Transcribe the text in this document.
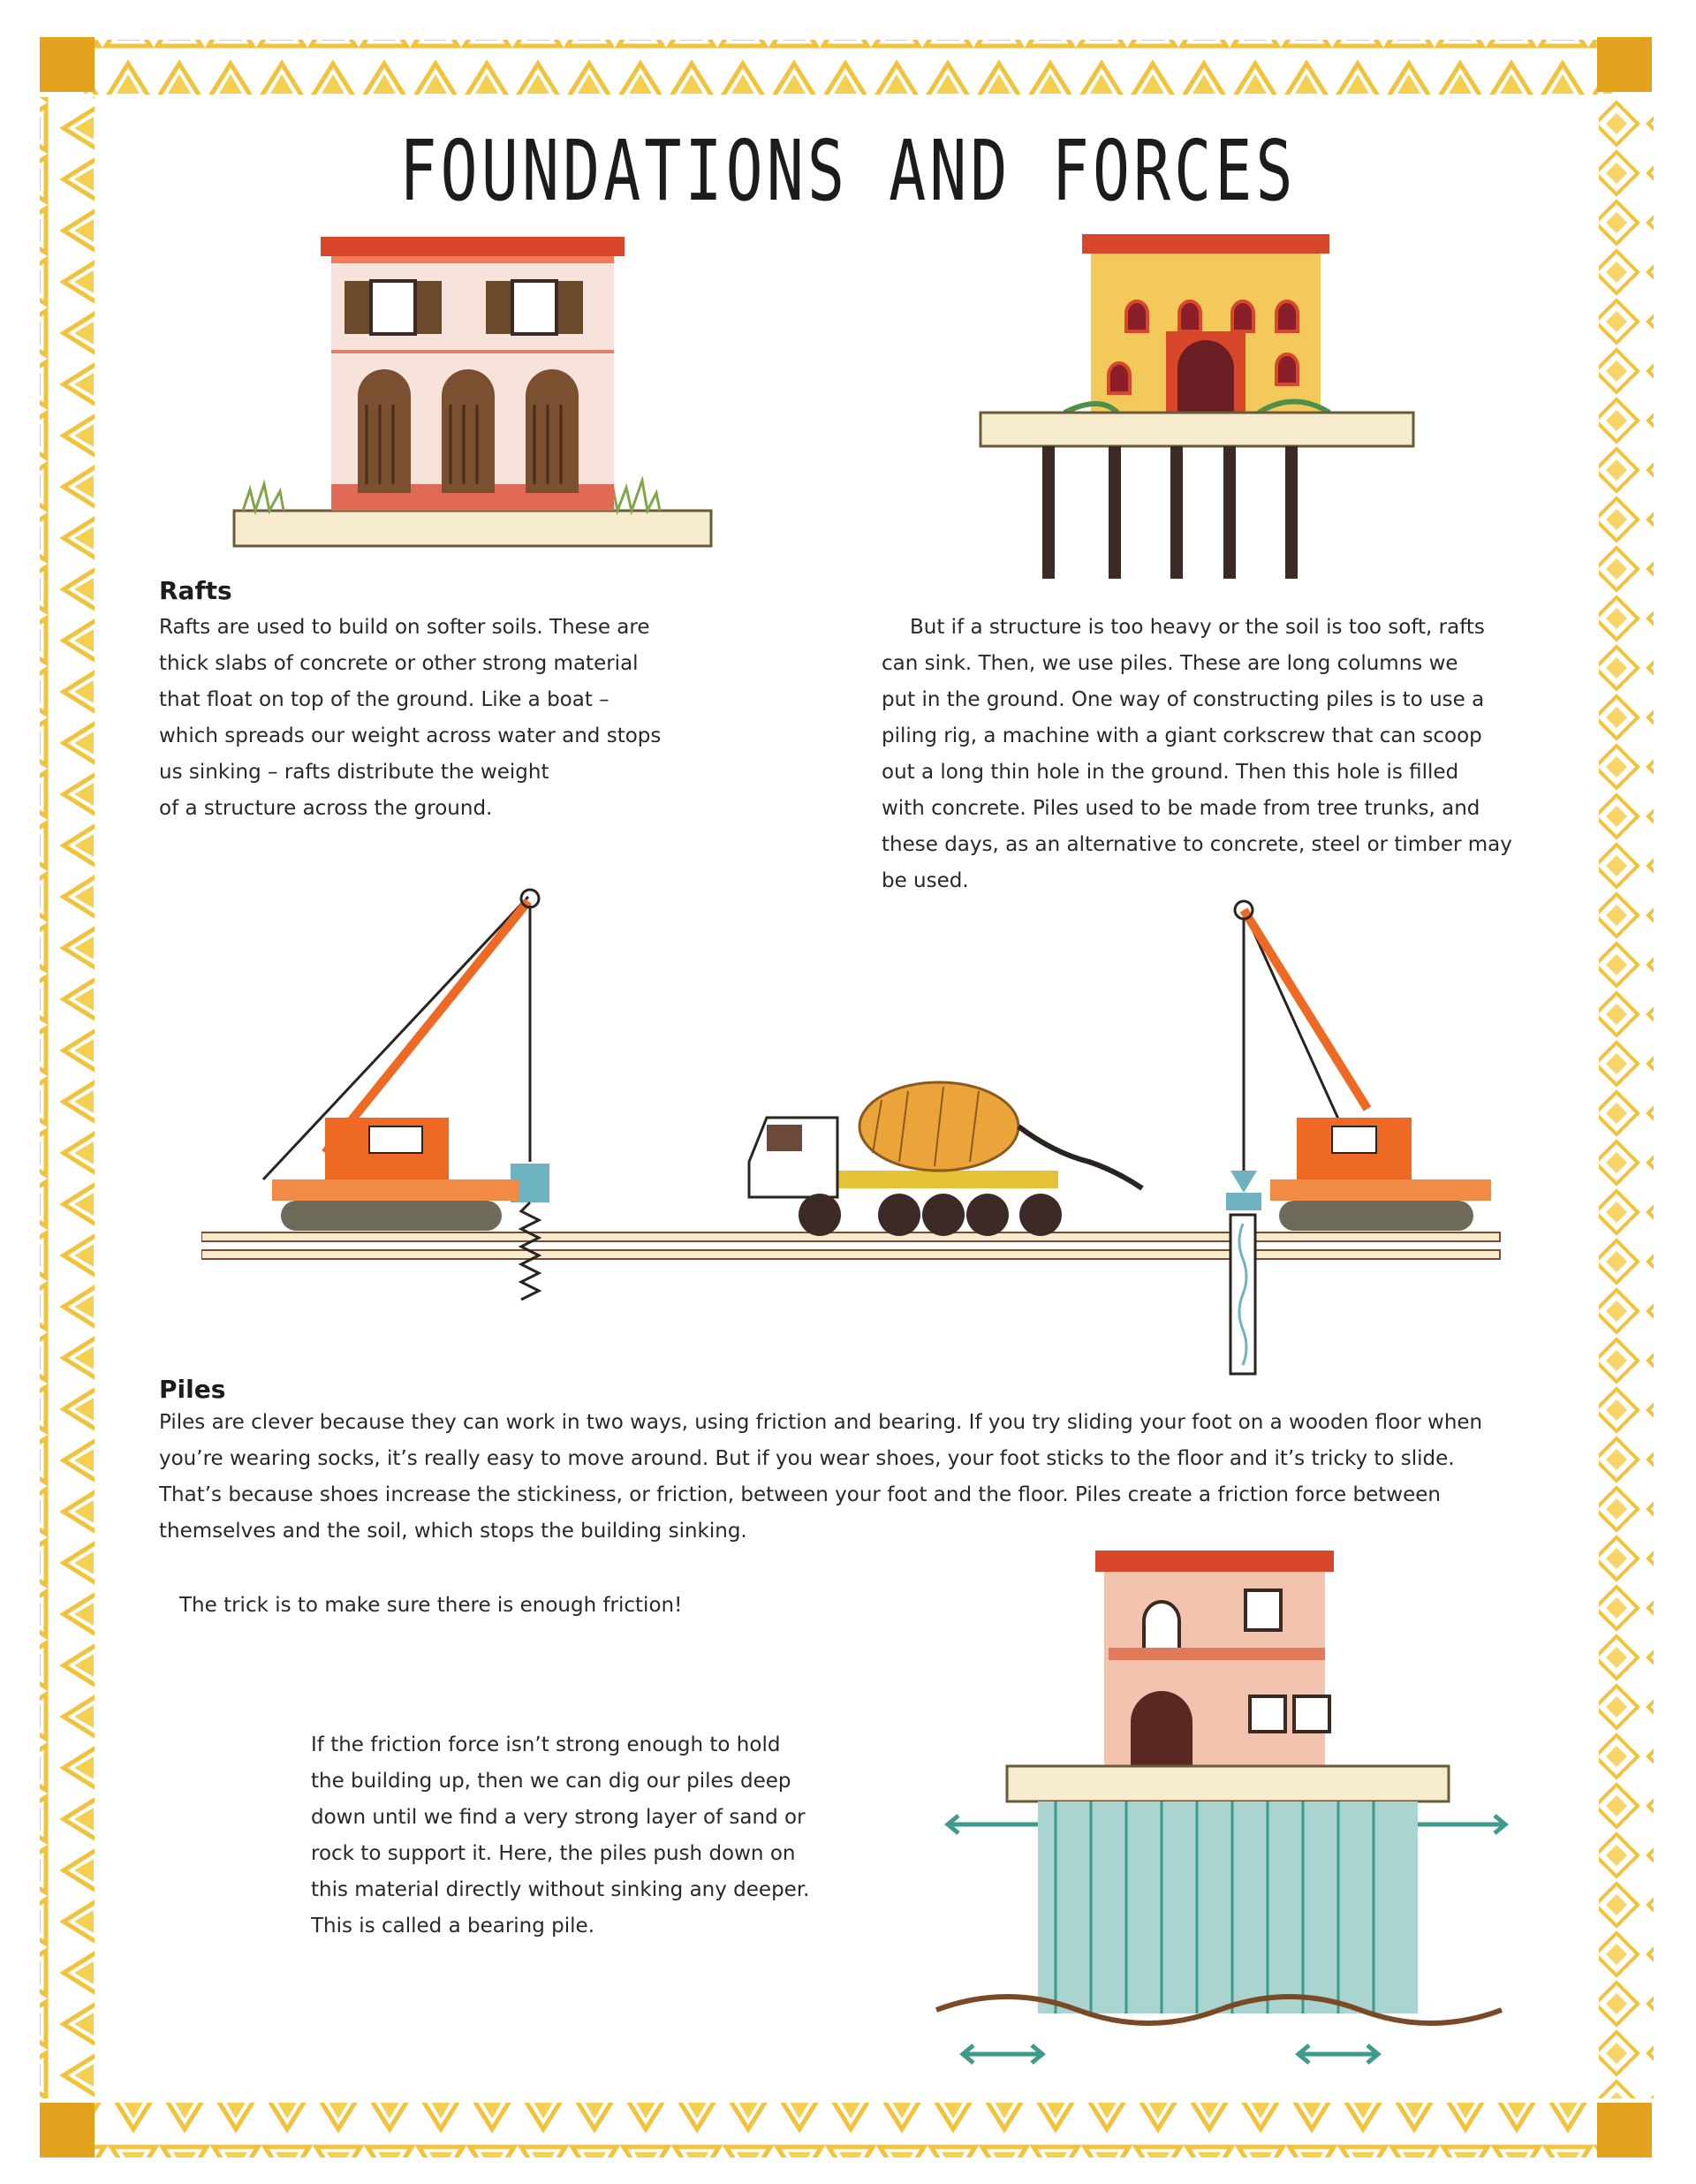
FOUNDATIONS AND FORCES
Rafts
Rafts are used to build on softer soils. These are
thick slabs of concrete or other strong material
that float on top of the ground. Like a boat –
which spreads our weight across water and stops
us sinking – rafts distribute the weight
of a structure across the ground.
But if a structure is too heavy or the soil is too soft, rafts
can sink. Then, we use piles. These are long columns we
put in the ground. One way of constructing piles is to use a
piling rig, a machine with a giant corkscrew that can scoop
out a long thin hole in the ground. Then this hole is filled
with concrete. Piles used to be made from tree trunks, and
these days, as an alternative to concrete, steel or timber may
be used.
Piles
Piles are clever because they can work in two ways, using friction and bearing. If you try sliding your foot on a wooden floor when
you’re wearing socks, it’s really easy to move around. But if you wear shoes, your foot sticks to the floor and it’s tricky to slide.
That’s because shoes increase the stickiness, or friction, between your foot and the floor. Piles create a friction force between
themselves and the soil, which stops the building sinking.
The trick is to make sure there is enough friction!
If the friction force isn’t strong enough to hold
the building up, then we can dig our piles deep
down until we find a very strong layer of sand or
rock to support it. Here, the piles push down on
this material directly without sinking any deeper.
This is called a bearing pile.
